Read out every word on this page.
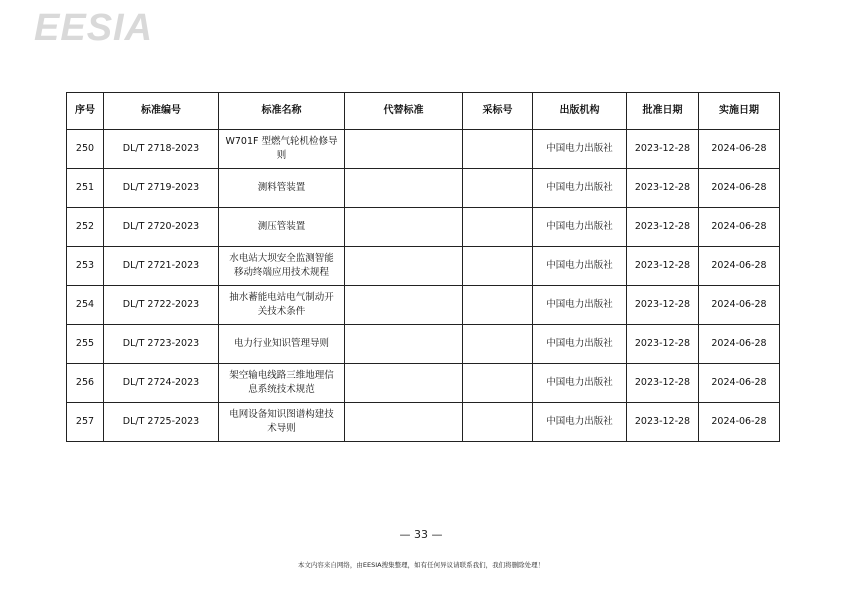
EESIA
序号	标准编号	标准名称	代替标准	采标号	出版机构	批准日期	实施日期
250	DL/T 2718-2023	W701F 型燃气轮机检修导则			中国电力出版社	2023-12-28	2024-06-28
251	DL/T 2719-2023	测料管装置			中国电力出版社	2023-12-28	2024-06-28
252	DL/T 2720-2023	测压管装置			中国电力出版社	2023-12-28	2024-06-28
253	DL/T 2721-2023	水电站大坝安全监测智能移动终端应用技术规程			中国电力出版社	2023-12-28	2024-06-28
254	DL/T 2722-2023	抽水蓄能电站电气制动开关技术条件			中国电力出版社	2023-12-28	2024-06-28
255	DL/T 2723-2023	电力行业知识管理导则			中国电力出版社	2023-12-28	2024-06-28
256	DL/T 2724-2023	架空输电线路三维地理信息系统技术规范			中国电力出版社	2023-12-28	2024-06-28
257	DL/T 2725-2023	电网设备知识图谱构建技术导则			中国电力出版社	2023-12-28	2024-06-28
— 33 —
本文内容来自网络，由EESIA搜集整理，如有任何异议请联系我们，我们将删除处理！
